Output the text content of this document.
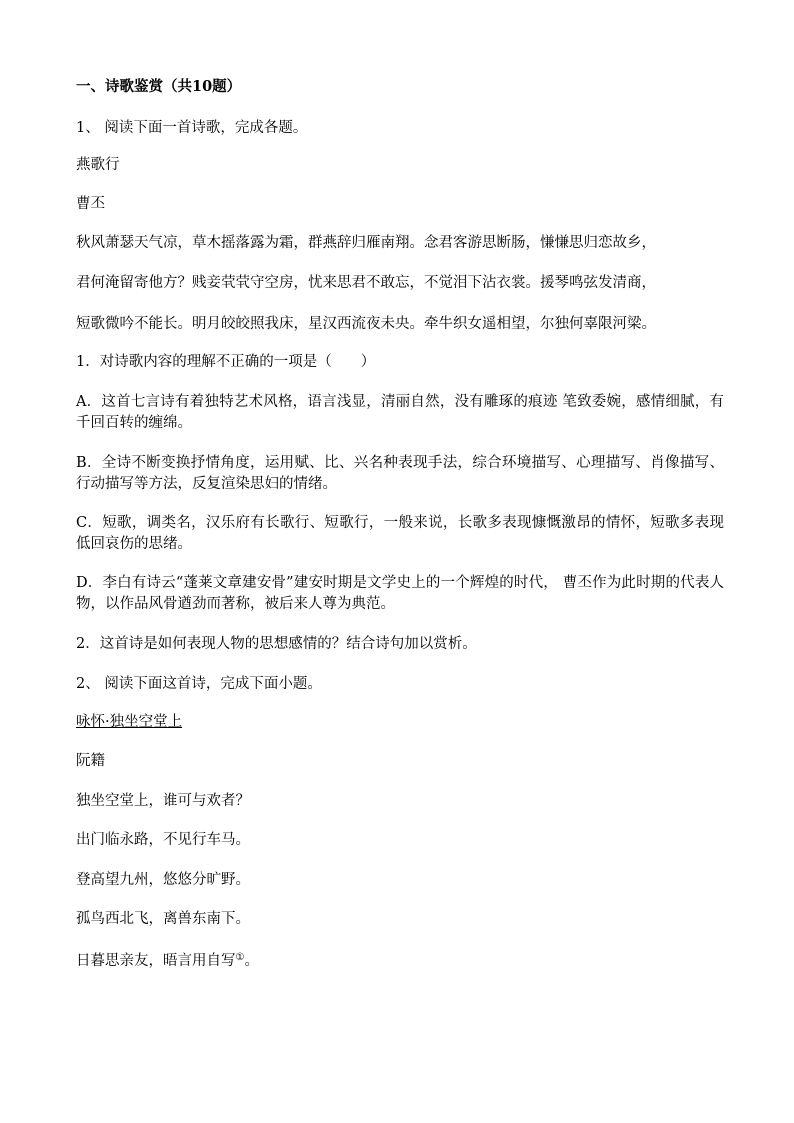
一、诗歌鉴赏（共10题）
1、 阅读下面一首诗歌，完成各题。
燕歌行
曹丕
秋风萧瑟天气凉，草木摇落露为霜，群燕辞归雁南翔。念君客游思断肠，慊慊思归恋故乡，
君何淹留寄他方？贱妾茕茕守空房，忧来思君不敢忘，不觉泪下沾衣裳。援琴鸣弦发清商，
短歌微吟不能长。明月皎皎照我床，星汉西流夜未央。牵牛织女遥相望，尔独何辜限河梁。
1．对诗歌内容的理解不正确的一项是（　　）
A．这首七言诗有着独特艺术风格，语言浅显，清丽自然，没有雕琢的痕迹 笔致委婉，感情细腻，有千回百转的缠绵。
B．全诗不断变换抒情角度，运用赋、比、兴名种表现手法，综合环境描写、心理描写、肖像描写、行动描写等方法，反复渲染思妇的情绪。
C．短歌，调类名，汉乐府有长歌行、短歌行，一般来说，长歌多表现慷慨激昂的情怀，短歌多表现低回哀伤的思绪。
D．李白有诗云“蓬莱文章建安骨”建安时期是文学史上的一个辉煌的时代， 曹丕作为此时期的代表人物，以作品风骨遒劲而著称，被后来人尊为典范。
2．这首诗是如何表现人物的思想感情的？结合诗句加以赏析。
2、 阅读下面这首诗，完成下面小题。
咏怀·独坐空堂上
阮籍
独坐空堂上，谁可与欢者？
出门临永路，不见行车马。
登高望九州，悠悠分旷野。
孤鸟西北飞，离兽东南下。
日暮思亲友，晤言用自写①。
